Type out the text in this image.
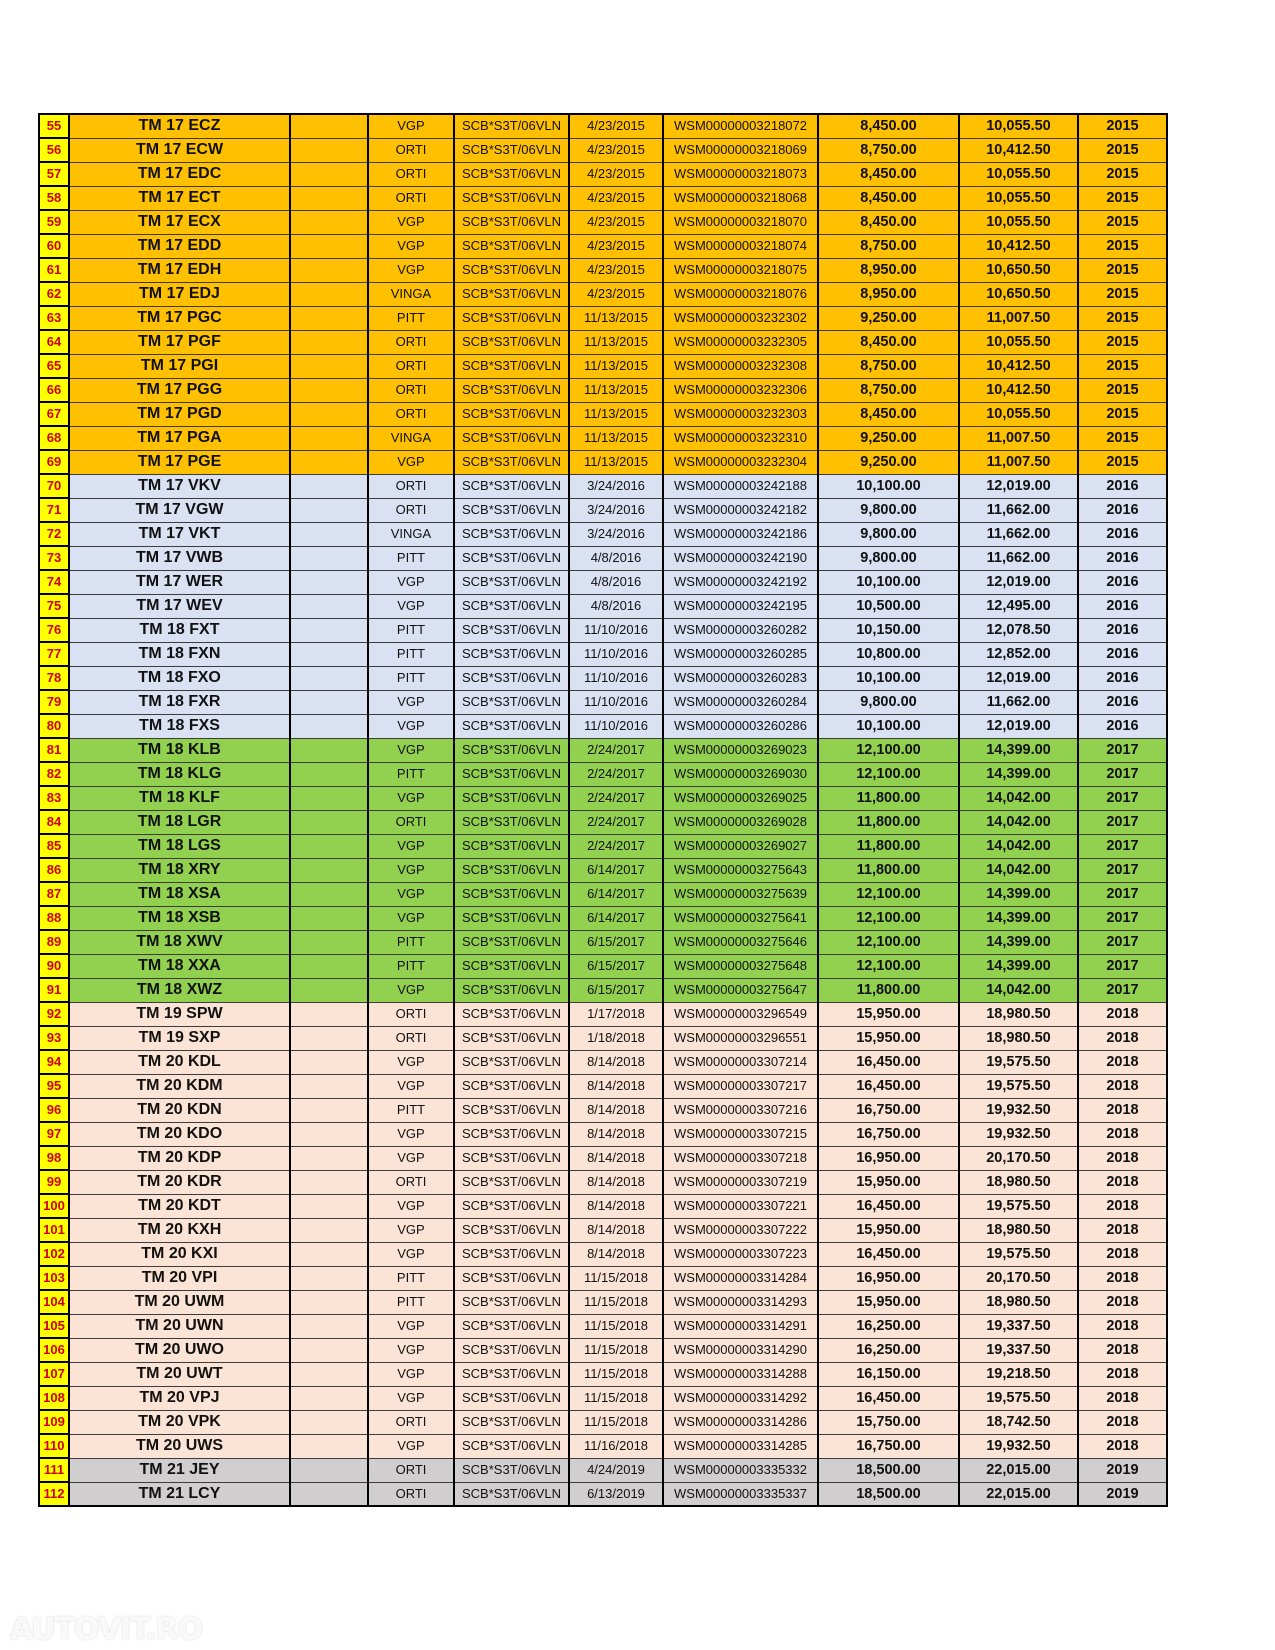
55	TM 17 ECZ		VGP	SCB*S3T/06VLN	4/23/2015	WSM00000003218072	8,450.00	10,055.50	2015
56	TM 17 ECW		ORTI	SCB*S3T/06VLN	4/23/2015	WSM00000003218069	8,750.00	10,412.50	2015
57	TM 17 EDC		ORTI	SCB*S3T/06VLN	4/23/2015	WSM00000003218073	8,450.00	10,055.50	2015
58	TM 17 ECT		ORTI	SCB*S3T/06VLN	4/23/2015	WSM00000003218068	8,450.00	10,055.50	2015
59	TM 17 ECX		VGP	SCB*S3T/06VLN	4/23/2015	WSM00000003218070	8,450.00	10,055.50	2015
60	TM 17 EDD		VGP	SCB*S3T/06VLN	4/23/2015	WSM00000003218074	8,750.00	10,412.50	2015
61	TM 17 EDH		VGP	SCB*S3T/06VLN	4/23/2015	WSM00000003218075	8,950.00	10,650.50	2015
62	TM 17 EDJ		VINGA	SCB*S3T/06VLN	4/23/2015	WSM00000003218076	8,950.00	10,650.50	2015
63	TM 17 PGC		PITT	SCB*S3T/06VLN	11/13/2015	WSM00000003232302	9,250.00	11,007.50	2015
64	TM 17 PGF		ORTI	SCB*S3T/06VLN	11/13/2015	WSM00000003232305	8,450.00	10,055.50	2015
65	TM 17 PGI		ORTI	SCB*S3T/06VLN	11/13/2015	WSM00000003232308	8,750.00	10,412.50	2015
66	TM 17 PGG		ORTI	SCB*S3T/06VLN	11/13/2015	WSM00000003232306	8,750.00	10,412.50	2015
67	TM 17 PGD		ORTI	SCB*S3T/06VLN	11/13/2015	WSM00000003232303	8,450.00	10,055.50	2015
68	TM 17 PGA		VINGA	SCB*S3T/06VLN	11/13/2015	WSM00000003232310	9,250.00	11,007.50	2015
69	TM 17 PGE		VGP	SCB*S3T/06VLN	11/13/2015	WSM00000003232304	9,250.00	11,007.50	2015
70	TM 17 VKV		ORTI	SCB*S3T/06VLN	3/24/2016	WSM00000003242188	10,100.00	12,019.00	2016
71	TM 17 VGW		ORTI	SCB*S3T/06VLN	3/24/2016	WSM00000003242182	9,800.00	11,662.00	2016
72	TM 17 VKT		VINGA	SCB*S3T/06VLN	3/24/2016	WSM00000003242186	9,800.00	11,662.00	2016
73	TM 17 VWB		PITT	SCB*S3T/06VLN	4/8/2016	WSM00000003242190	9,800.00	11,662.00	2016
74	TM 17 WER		VGP	SCB*S3T/06VLN	4/8/2016	WSM00000003242192	10,100.00	12,019.00	2016
75	TM 17 WEV		VGP	SCB*S3T/06VLN	4/8/2016	WSM00000003242195	10,500.00	12,495.00	2016
76	TM 18 FXT		PITT	SCB*S3T/06VLN	11/10/2016	WSM00000003260282	10,150.00	12,078.50	2016
77	TM 18 FXN		PITT	SCB*S3T/06VLN	11/10/2016	WSM00000003260285	10,800.00	12,852.00	2016
78	TM 18 FXO		PITT	SCB*S3T/06VLN	11/10/2016	WSM00000003260283	10,100.00	12,019.00	2016
79	TM 18 FXR		VGP	SCB*S3T/06VLN	11/10/2016	WSM00000003260284	9,800.00	11,662.00	2016
80	TM 18 FXS		VGP	SCB*S3T/06VLN	11/10/2016	WSM00000003260286	10,100.00	12,019.00	2016
81	TM 18 KLB		VGP	SCB*S3T/06VLN	2/24/2017	WSM00000003269023	12,100.00	14,399.00	2017
82	TM 18 KLG		PITT	SCB*S3T/06VLN	2/24/2017	WSM00000003269030	12,100.00	14,399.00	2017
83	TM 18 KLF		VGP	SCB*S3T/06VLN	2/24/2017	WSM00000003269025	11,800.00	14,042.00	2017
84	TM 18 LGR		ORTI	SCB*S3T/06VLN	2/24/2017	WSM00000003269028	11,800.00	14,042.00	2017
85	TM 18 LGS		VGP	SCB*S3T/06VLN	2/24/2017	WSM00000003269027	11,800.00	14,042.00	2017
86	TM 18 XRY		VGP	SCB*S3T/06VLN	6/14/2017	WSM00000003275643	11,800.00	14,042.00	2017
87	TM 18 XSA		VGP	SCB*S3T/06VLN	6/14/2017	WSM00000003275639	12,100.00	14,399.00	2017
88	TM 18 XSB		VGP	SCB*S3T/06VLN	6/14/2017	WSM00000003275641	12,100.00	14,399.00	2017
89	TM 18 XWV		PITT	SCB*S3T/06VLN	6/15/2017	WSM00000003275646	12,100.00	14,399.00	2017
90	TM 18 XXA		PITT	SCB*S3T/06VLN	6/15/2017	WSM00000003275648	12,100.00	14,399.00	2017
91	TM 18 XWZ		VGP	SCB*S3T/06VLN	6/15/2017	WSM00000003275647	11,800.00	14,042.00	2017
92	TM 19 SPW		ORTI	SCB*S3T/06VLN	1/17/2018	WSM00000003296549	15,950.00	18,980.50	2018
93	TM 19 SXP		ORTI	SCB*S3T/06VLN	1/18/2018	WSM00000003296551	15,950.00	18,980.50	2018
94	TM 20 KDL		VGP	SCB*S3T/06VLN	8/14/2018	WSM00000003307214	16,450.00	19,575.50	2018
95	TM 20 KDM		VGP	SCB*S3T/06VLN	8/14/2018	WSM00000003307217	16,450.00	19,575.50	2018
96	TM 20 KDN		PITT	SCB*S3T/06VLN	8/14/2018	WSM00000003307216	16,750.00	19,932.50	2018
97	TM 20 KDO		VGP	SCB*S3T/06VLN	8/14/2018	WSM00000003307215	16,750.00	19,932.50	2018
98	TM 20 KDP		VGP	SCB*S3T/06VLN	8/14/2018	WSM00000003307218	16,950.00	20,170.50	2018
99	TM 20 KDR		ORTI	SCB*S3T/06VLN	8/14/2018	WSM00000003307219	15,950.00	18,980.50	2018
100	TM 20 KDT		VGP	SCB*S3T/06VLN	8/14/2018	WSM00000003307221	16,450.00	19,575.50	2018
101	TM 20 KXH		VGP	SCB*S3T/06VLN	8/14/2018	WSM00000003307222	15,950.00	18,980.50	2018
102	TM 20 KXI		VGP	SCB*S3T/06VLN	8/14/2018	WSM00000003307223	16,450.00	19,575.50	2018
103	TM 20 VPI		PITT	SCB*S3T/06VLN	11/15/2018	WSM00000003314284	16,950.00	20,170.50	2018
104	TM 20 UWM		PITT	SCB*S3T/06VLN	11/15/2018	WSM00000003314293	15,950.00	18,980.50	2018
105	TM 20 UWN		VGP	SCB*S3T/06VLN	11/15/2018	WSM00000003314291	16,250.00	19,337.50	2018
106	TM 20 UWO		VGP	SCB*S3T/06VLN	11/15/2018	WSM00000003314290	16,250.00	19,337.50	2018
107	TM 20 UWT		VGP	SCB*S3T/06VLN	11/15/2018	WSM00000003314288	16,150.00	19,218.50	2018
108	TM 20 VPJ		VGP	SCB*S3T/06VLN	11/15/2018	WSM00000003314292	16,450.00	19,575.50	2018
109	TM 20 VPK		ORTI	SCB*S3T/06VLN	11/15/2018	WSM00000003314286	15,750.00	18,742.50	2018
110	TM 20 UWS		VGP	SCB*S3T/06VLN	11/16/2018	WSM00000003314285	16,750.00	19,932.50	2018
111	TM 21 JEY		ORTI	SCB*S3T/06VLN	4/24/2019	WSM00000003335332	18,500.00	22,015.00	2019
112	TM 21 LCY		ORTI	SCB*S3T/06VLN	6/13/2019	WSM00000003335337	18,500.00	22,015.00	2019
AUTOVIT.RO
